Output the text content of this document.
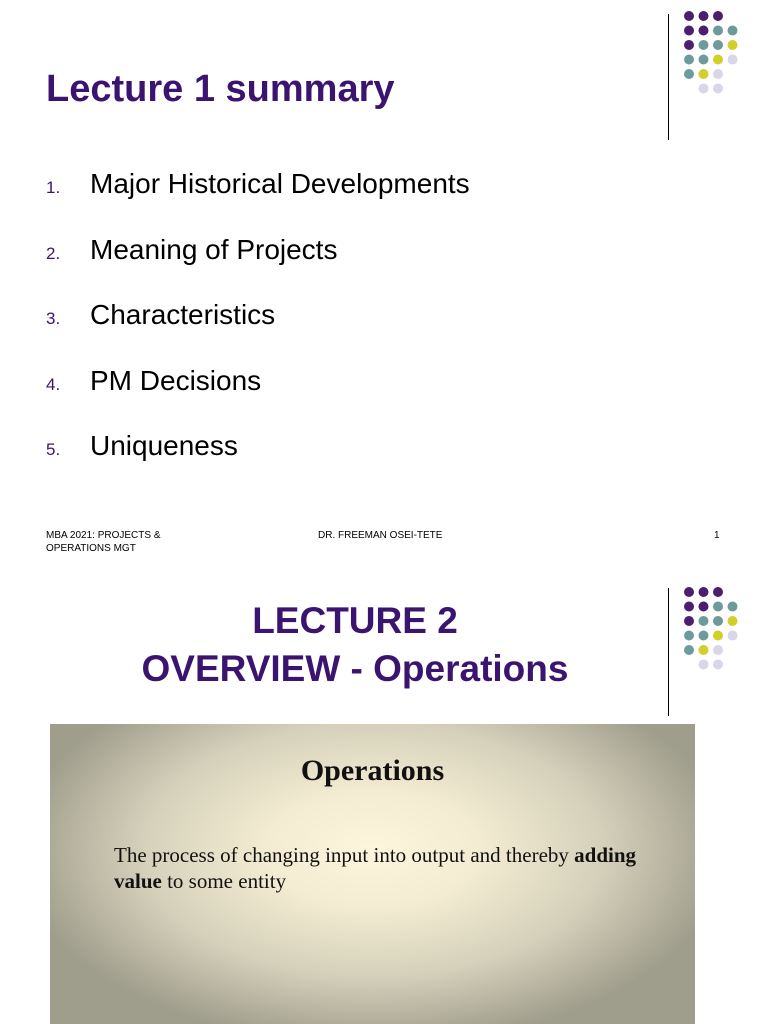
Lecture 1 summary
1.	Major Historical Developments
2.	Meaning of Projects
3.	Characteristics
4.	PM Decisions
5.	Uniqueness
MBA 2021: PROJECTS & OPERATIONS MGT
DR. FREEMAN OSEI-TETE	1
LECTURE 2
OVERVIEW - Operations
Operations

The process of changing input into output and thereby adding value to some entity
